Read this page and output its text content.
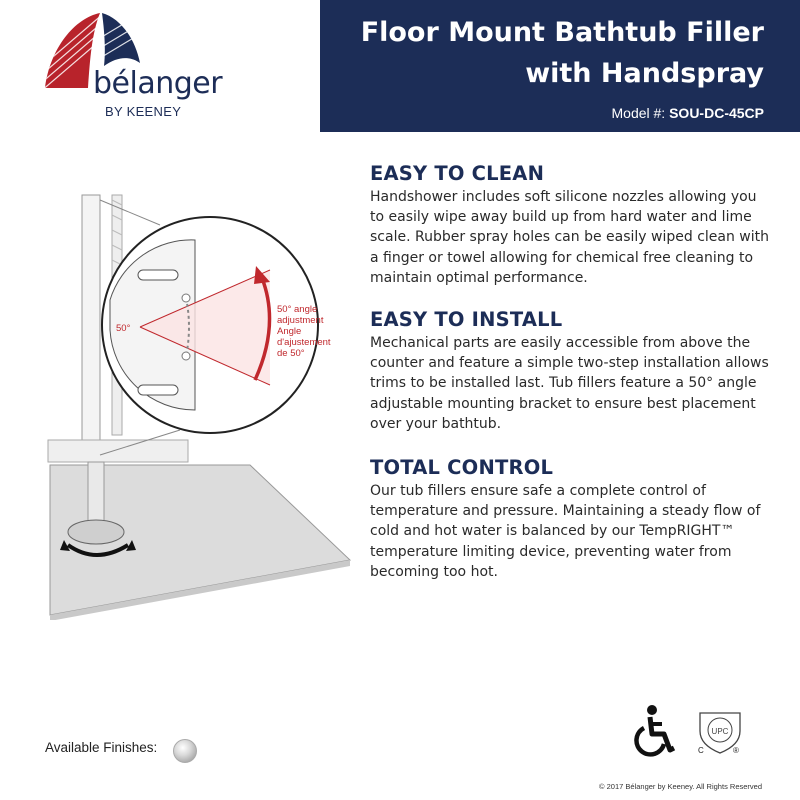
bélanger
BY KEENEY
Floor Mount Bathtub Filler
with Handspray
Model #: SOU-DC-45CP
EASY TO CLEAN

Handshower includes soft silicone nozzles allowing you to easily wipe away build up from hard water and lime scale. Rubber spray holes can be easily wiped clean with a finger or towel allowing for chemical free cleaning to maintain optimal performance.

EASY TO INSTALL

Mechanical parts are easily accessible from above the counter and feature a simple two-step installation allows trims to be installed last. Tub fillers feature a 50° angle adjustable mounting bracket to ensure best placement over your bathtub.

TOTAL CONTROL

Our tub fillers ensure safe a complete control of temperature and pressure. Maintaining a steady flow of cold and hot water is balanced by our TempRIGHT™ temperature limiting device, preventing water from becoming too hot.

50°
50° angle
adjustment
Angle
d'ajustement
de 50°
Available Finishes:
UPC
C	®
© 2017 Bélanger by Keeney. All Rights Reserved
